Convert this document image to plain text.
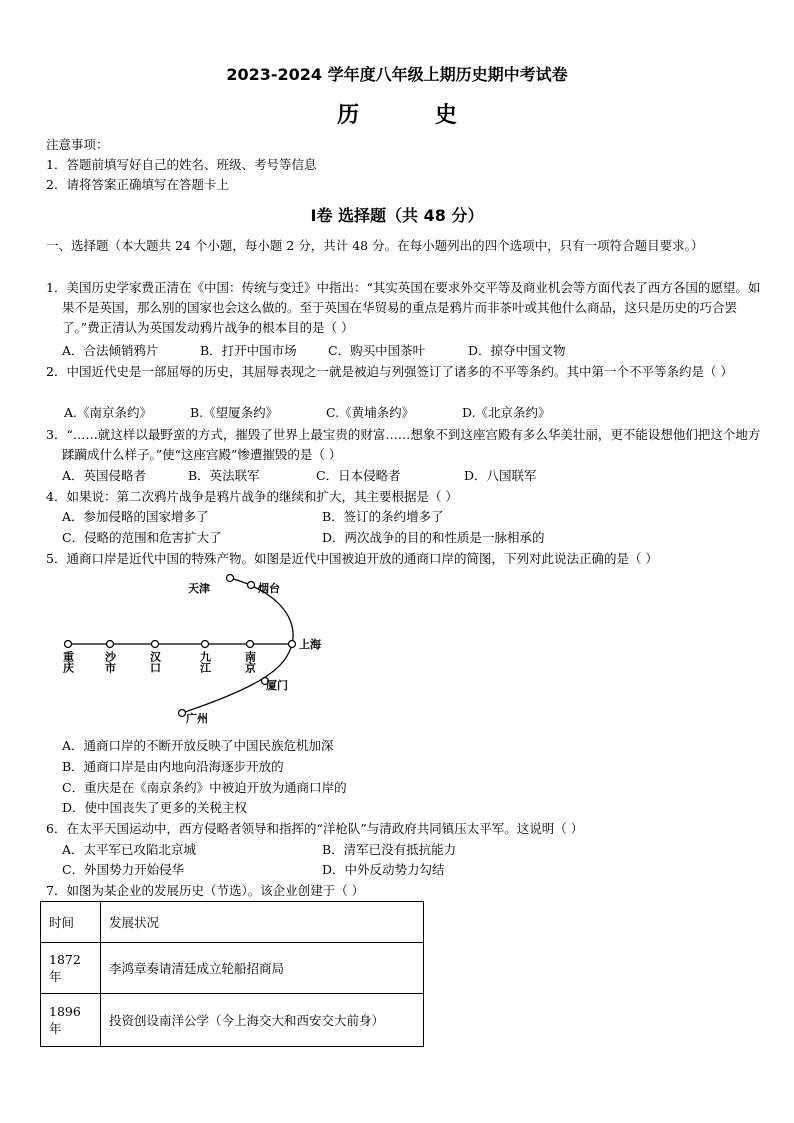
2023-2024 学年度八年级上期历史期中考试卷
历 史
注意事项：
1．答题前填写好自己的姓名、班级、考号等信息
2．请将答案正确填写在答题卡上
I卷 选择题（共 48 分）
一、选择题（本大题共 24 个小题，每小题 2 分，共计 48 分。在每小题列出的四个选项中，只有一项符合题目要求。）
1．美国历史学家费正清在《中国：传统与变迁》中指出：“其实英国在要求外交平等及商业机会等方面代表了西方各国的愿望。如果不是英国，那么别的国家也会这么做的。至于英国在华贸易的重点是鸦片而非茶叶或其他什么商品，这只是历史的巧合罢了。”费正清认为英国发动鸦片战争的根本目的是（ ）
A．合法倾销鸦片	B．打开中国市场	C．购买中国茶叶	D．掠夺中国文物
2．中国近代史是一部屈辱的历史，其屈辱表现之一就是被迫与列强签订了诸多的不平等条约。其中第一个不平等条约是（ ）
A.《南京条约》	B.《望厦条约》	C.《黄埔条约》	D.《北京条约》
3．“……就这样以最野蛮的方式，摧毁了世界上最宝贵的财富……想象不到这座宫殿有多么华美壮丽，更不能设想他们把这个地方蹂躏成什么样子。”使“这座宫殿”惨遭摧毁的是（ ）
A．英国侵略者	B．英法联军	C．日本侵略者	D．八国联军
4．如果说：第二次鸦片战争是鸦片战争的继续和扩大，其主要根据是（ ）
A．参加侵略的国家增多了	B．签订的条约增多了
C．侵略的范围和危害扩大了	D．两次战争的目的和性质是一脉相承的
5．通商口岸是近代中国的特殊产物。如图是近代中国被迫开放的通商口岸的简图，下列对此说法正确的是（ ）
天津	烟台
上海
厦门
广州
重庆	沙市	汉口	九江	南京
A．通商口岸的不断开放反映了中国民族危机加深
B．通商口岸是由内地向沿海逐步开放的
C．重庆是在《南京条约》中被迫开放为通商口岸的
D．使中国丧失了更多的关税主权
6．在太平天国运动中，西方侵略者领导和指挥的“洋枪队”与清政府共同镇压太平军。这说明（ ）
A．太平军已攻陷北京城	B．清军已没有抵抗能力
C．外国势力开始侵华	D．中外反动势力勾结
7．如图为某企业的发展历史（节选）。该企业创建于（ ）
时间	发展状况
1872 年	李鸿章奏请清廷成立轮船招商局
1896 年	投资创设南洋公学（今上海交大和西安交大前身）
